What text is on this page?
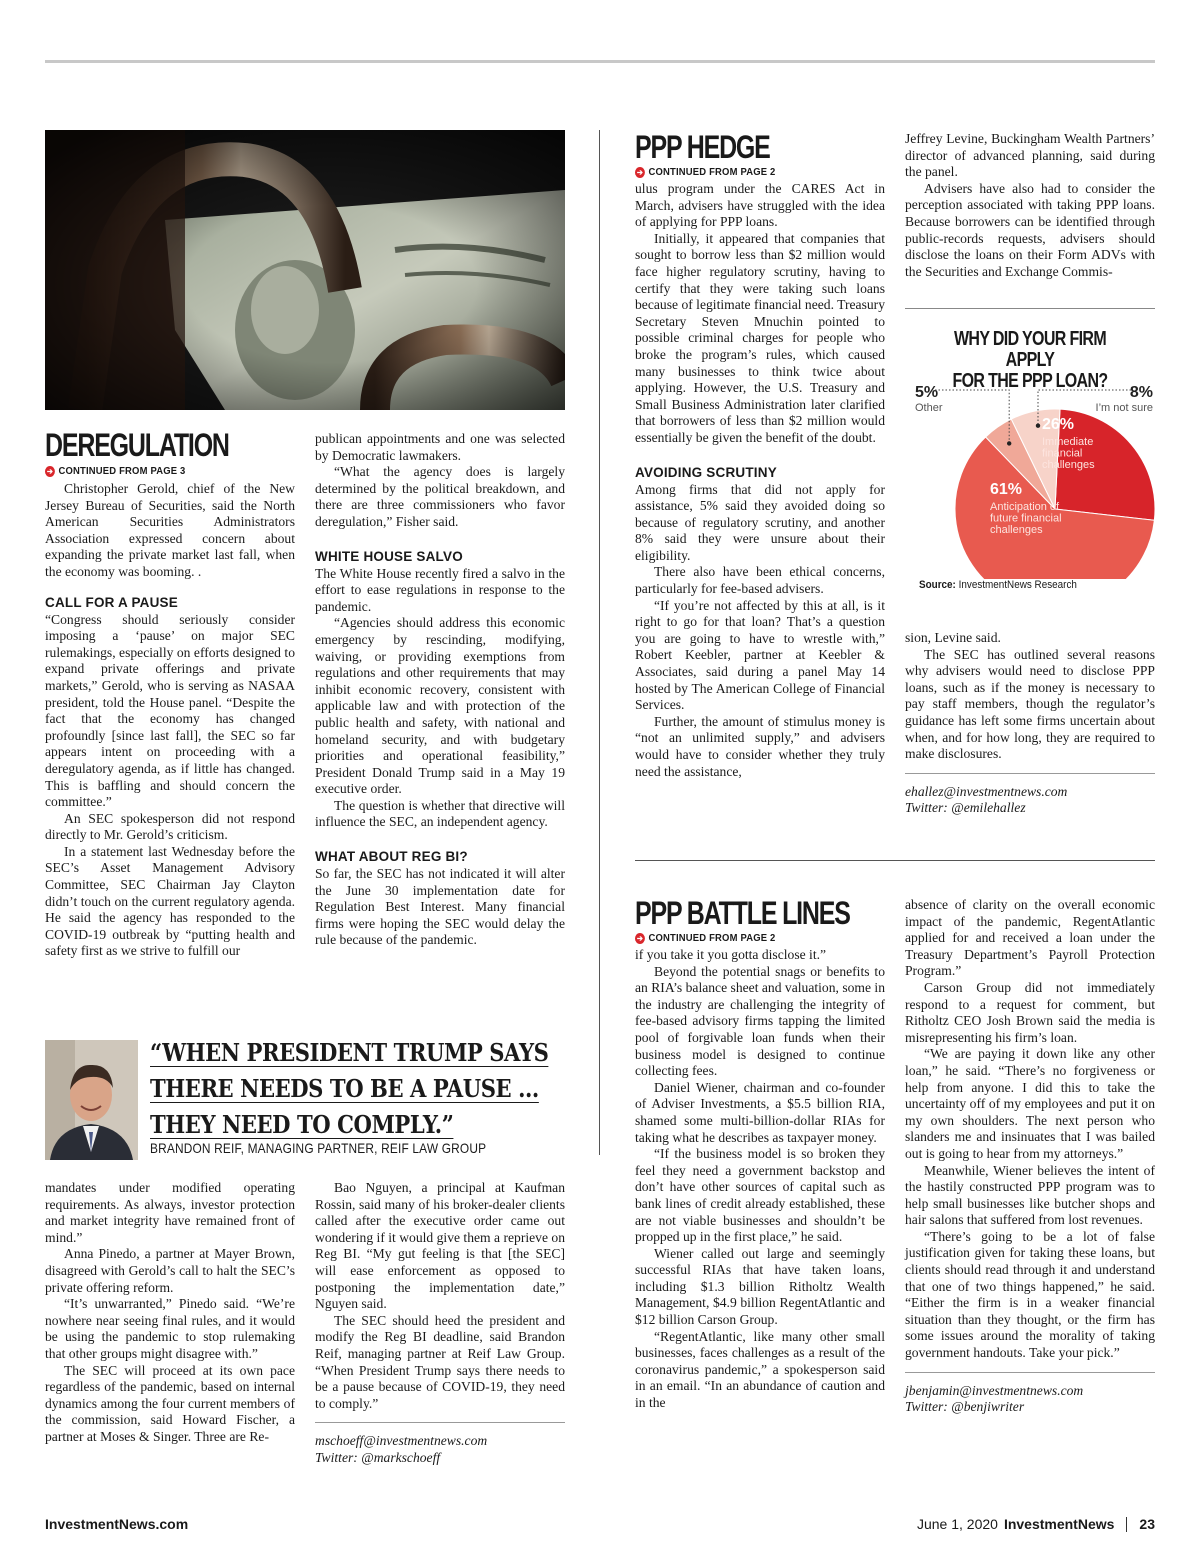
DEREGULATION
➔ CONTINUED FROM PAGE 3

Christopher Gerold, chief of the New Jersey Bureau of Securities, said the North American Securities Administrators Association expressed concern about expanding the private market last fall, when the economy was booming. .

CALL FOR A PAUSE

“Congress should seriously consider imposing a ‘pause’ on major SEC rulemakings, especially on efforts designed to expand private offerings and private markets,” Gerold, who is serving as NASAA president, told the House panel. “Despite the fact that the economy has changed profoundly [since last fall], the SEC so far appears intent on proceeding with a deregulatory agenda, as if little has changed. This is baffling and should concern the committee.”

An SEC spokesperson did not respond directly to Mr. Gerold’s criticism.

In a statement last Wednesday before the SEC’s Asset Management Advisory Committee, SEC Chairman Jay Clayton didn’t touch on the current regulatory agenda. He said the agency has responded to the COVID-19 outbreak by “putting health and safety first as we strive to fulfill our

publican appointments and one was selected by Democratic lawmakers.

“What the agency does is largely determined by the political breakdown, and there are three commissioners who favor deregulation,” Fisher said.

WHITE HOUSE SALVO

The White House recently fired a salvo in the effort to ease regulations in response to the pandemic.

“Agencies should address this economic emergency by rescinding, modifying, waiving, or providing exemptions from regulations and other requirements that may inhibit economic recovery, consistent with applicable law and with protection of the public health and safety, with national and homeland security, and with budgetary priorities and operational feasibility,” President Donald Trump said in a May 19 executive order.

The question is whether that directive will influence the SEC, an independent agency.

WHAT ABOUT REG BI?

So far, the SEC has not indicated it will alter the June 30 implementation date for Regulation Best Interest. Many financial firms were hoping the SEC would delay the rule because of the pandemic.

“WHEN PRESIDENT TRUMP SAYS
THERE NEEDS TO BE A PAUSE ...
THEY NEED TO COMPLY.”
BRANDON REIF, MANAGING PARTNER, REIF LAW GROUP

mandates under modified operating requirements. As always, investor protection and market integrity have remained front of mind.”

Anna Pinedo, a partner at Mayer Brown, disagreed with Gerold’s call to halt the SEC’s private offering reform.

“It’s unwarranted,” Pinedo said. “We’re nowhere near seeing final rules, and it would be using the pandemic to stop rulemaking that other groups might disagree with.”

The SEC will proceed at its own pace regardless of the pandemic, based on internal dynamics among the four current members of the commission, said Howard Fischer, a partner at Moses & Singer. Three are Re-

Bao Nguyen, a principal at Kaufman Rossin, said many of his broker-dealer clients called after the executive order came out wondering if it would give them a reprieve on Reg BI. “My gut feeling is that [the SEC] will ease enforcement as opposed to postponing the implementation date,” Nguyen said.

The SEC should heed the president and modify the Reg BI deadline, said Brandon Reif, managing partner at Reif Law Group. “When President Trump says there needs to be a pause because of COVID-19, they need to comply.”

mschoeff@investmentnews.com
Twitter: @markschoeff
PPP HEDGE
➔ CONTINUED FROM PAGE 2

ulus program under the CARES Act in March, advisers have struggled with the idea of applying for PPP loans.

Initially, it appeared that companies that sought to borrow less than $2 million would face higher regulatory scrutiny, having to certify that they were taking such loans because of legitimate financial need. Treasury Secretary Steven Mnuchin pointed to possible criminal charges for people who broke the program’s rules, which caused many businesses to think twice about applying. However, the U.S. Treasury and Small Business Administration later clarified that borrowers of less than $2 million would essentially be given the benefit of the doubt.

AVOIDING SCRUTINY

Among firms that did not apply for assistance, 5% said they avoided doing so because of regulatory scrutiny, and another 8% said they were unsure about their eligibility.

There also have been ethical concerns, particularly for fee-based advisers.

“If you’re not affected by this at all, is it right to go for that loan? That’s a question you are going to have to wrestle with,” Robert Keebler, partner at Keebler & Associates, said during a panel May 14 hosted by The American College of Financial Services.

Further, the amount of stimulus money is “not an unlimited supply,” and advisers would have to consider whether they truly need the assistance,

Jeffrey Levine, Buckingham Wealth Partners’ director of advanced planning, said during the panel.

Advisers have also had to consider the perception associated with taking PPP loans. Because borrowers can be identified through public-records requests, advisers should disclose the loans on their Form ADVs with the Securities and Exchange Commis-

WHY DID YOUR FIRM APPLY
FOR THE PPP LOAN?
26%
Immediate financial challenges
61%
Anticipation of future financial challenges
5%
Other
8%
I’m not sure
Source: InvestmentNews Research

sion, Levine said.

The SEC has outlined several reasons why advisers would need to disclose PPP loans, such as if the money is necessary to pay staff members, though the regulator’s guidance has left some firms uncertain about when, and for how long, they are required to make disclosures.

ehallez@investmentnews.com
Twitter: @emilehallez
PPP BATTLE LINES
➔ CONTINUED FROM PAGE 2

if you take it you gotta disclose it.”

Beyond the potential snags or benefits to an RIA’s balance sheet and valuation, some in the industry are challenging the integrity of fee-based advisory firms tapping the limited pool of forgivable loan funds when their business model is designed to continue collecting fees.

Daniel Wiener, chairman and co-founder of Adviser Investments, a $5.5 billion RIA, shamed some multi-billion-dollar RIAs for taking what he describes as taxpayer money.

“If the business model is so broken they feel they need a government backstop and don’t have other sources of capital such as bank lines of credit already established, these are not viable businesses and shouldn’t be propped up in the first place,” he said.

Wiener called out large and seemingly successful RIAs that have taken loans, including $1.3 billion Ritholtz Wealth Management, $4.9 billion RegentAtlantic and $12 billion Carson Group.

“RegentAtlantic, like many other small businesses, faces challenges as a result of the coronavirus pandemic,” a spokesperson said in an email. “In an abundance of caution and in the

absence of clarity on the overall economic impact of the pandemic, RegentAtlantic applied for and received a loan under the Treasury Department’s Payroll Protection Program.”

Carson Group did not immediately respond to a request for comment, but Ritholtz CEO Josh Brown said the media is misrepresenting his firm’s loan.

“We are paying it down like any other loan,” he said. “There’s no forgiveness or help from anyone. I did this to take the uncertainty off of my employees and put it on my own shoulders. The next person who slanders me and insinuates that I was bailed out is going to hear from my attorneys.”

Meanwhile, Wiener believes the intent of the hastily constructed PPP program was to help small businesses like butcher shops and hair salons that suffered from lost revenues.

“There’s going to be a lot of false justification given for taking these loans, but clients should read through it and understand that one of two things happened,” he said. “Either the firm is in a weaker financial situation than they thought, or the firm has some issues around the morality of taking government handouts. Take your pick.”

jbenjamin@investmentnews.com
Twitter: @benjiwriter
InvestmentNews.com	June 1, 2020 InvestmentNews 23
